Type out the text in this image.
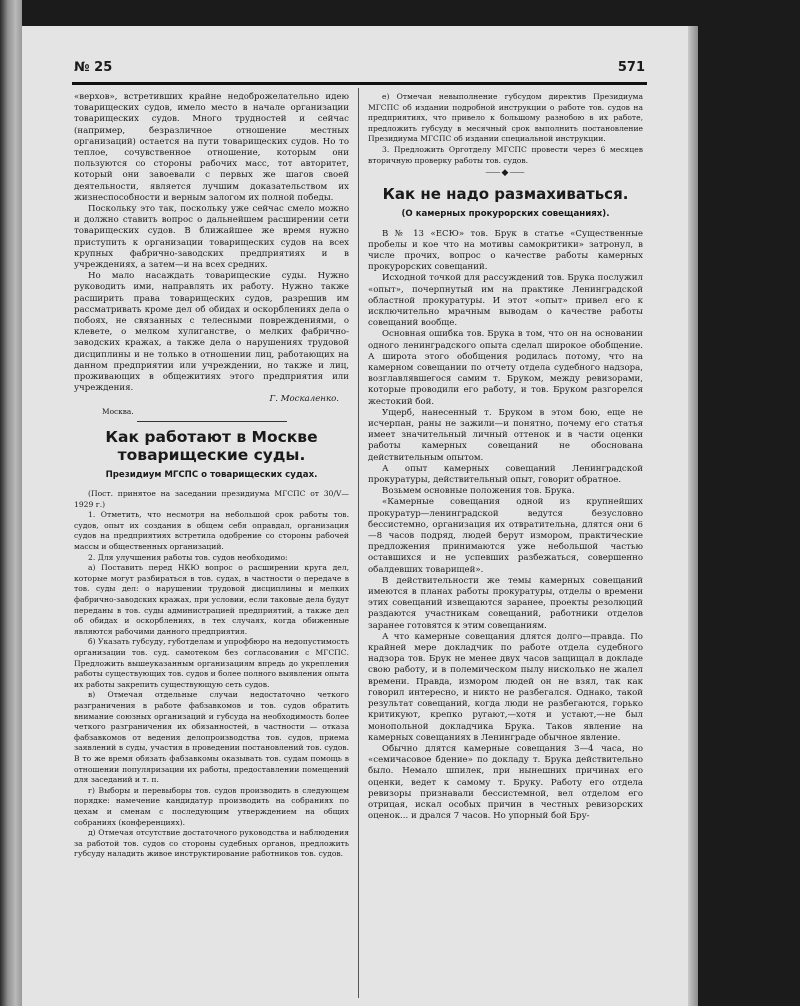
№ 25	571

«верхов», встретивших крайне недоброжелательно идею товарищеских судов, имело место в начале организации товарищеских судов. Много трудностей и сейчас (например, безразличное отношение местных организаций) остается на пути товарищеских судов. Но то теплое, сочувственное отношение, которым они пользуются со стороны рабочих масс, тот авторитет, который они завоевали с первых же шагов своей деятельности, является лучшим доказательством их жизнеспособности и верным залогом их полной победы.

Поскольку это так, поскольку уже сейчас смело можно и должно ставить вопрос о дальнейшем расширении сети товарищеских судов. В ближайшее же время нужно приступить к организации товарищеских судов на всех крупных фабрично-заводских предприятиях и в учреждениях, а затем—и на всех средних.

Но мало насаждать товарищеские суды. Нужно руководить ими, направлять их работу. Нужно также расширить права товарищеских судов, разрешив им рассматривать кроме дел об обидах и оскорблениях дела о побоях, не связанных с телесными повреждениями, о клевете, о мелком хулиганстве, о мелких фабрично-заводских кражах, а также дела о нарушениях трудовой дисциплины и не только в отношении лиц, работающих на данном предприятии или учреждении, но также и лиц, проживающих в общежитиях этого предприятия или учреждения.

Г. Москаленко.

Москва.

Как работают в Москве товарищеские суды.
Президиум МГСПС о товарищеских судах.

(Пост. принятое на заседании президиума МГСПС от 30/V—1929 г.)

1. Отметить, что несмотря на небольшой срок работы тов. судов, опыт их создания в общем себя оправдал, организация судов на предприятиях встретила одобрение со стороны рабочей массы и общественных организаций.

2. Для улучшения работы тов. судов необходимо:

а) Поставить перед НКЮ вопрос о расширении круга дел, которые могут разбираться в тов. судах, в частности о передаче в тов. суды дел: о нарушении трудовой дисциплины и мелких фабрично-заводских кражах, при условии, если таковые дела будут переданы в тов. суды администрацией предприятий, а также дел об обидах и оскорблениях, в тех случаях, когда обиженные являются рабочими данного предприятия.

б) Указать губсуду, губотделам и упрофбюро на недопустимость организации тов. суд. самотеком без согласования с МГСПС. Предложить вышеуказанным организациям впредь до укрепления работы существующих тов. судов и более полного выявления опыта их работы закрепить существующую сеть судов.

в) Отмечая отдельные случаи недостаточно четкого разграничения в работе фабзавкомов и тов. судов обратить внимание союзных организаций и губсуда на необходимость более четкого разграничения их обязанностей, в частности — отказа фабзавкомов от ведения делопроизводства тов. судов, приема заявлений в суды, участия в проведении постановлений тов. судов. В то же время обязать фабзавкомы оказывать тов. судам помощь в отношении популяризации их работы, предоставлении помещений для заседаний и т. п.

г) Выборы и перевыборы тов. судов производить в следующем порядке: намечение кандидатур производить на собраниях по цехам и сменам с последующим утверждением на общих собраниях (конференциях).

д) Отмечая отсутствие достаточного руководства и наблюдения за работой тов. судов со стороны судебных органов, предложить губсуду наладить живое инструктирование работников тов. судов.

е) Отмечая невыполнение губсудом директив Президиума МГСПС об издании подробной инструкции о работе тов. судов на предприятиях, что привело к большому разнобою в их работе, предложить губсуду в месячный срок выполнить постановление Президиума МГСПС об издании специальной инструкции.

3. Предложить Орготделу МГСПС провести через 6 месяцев вторичную проверку работы тов. судов.

⸺◆⸺
Как не надо размахиваться.
(О камерных прокурорских совещаниях).

В № 13 «ЕСЮ» тов. Брук в статье «Существенные пробелы и кое что на мотивы самокритики» затронул, в числе прочих, вопрос о качестве работы камерных прокурорских совещаний.

Исходной точкой для рассуждений тов. Брука послужил «опыт», почерпнутый им на практике Ленинградской областной прокуратуры. И этот «опыт» привел его к исключительно мрачным выводам о качестве работы совещаний вообще.

Основная ошибка тов. Брука в том, что он на основании одного ленинградского опыта сделал широкое обобщение. А широта этого обобщения родилась потому, что на камерном совещании по отчету отдела судебного надзора, возглавлявшегося самим т. Бруком, между ревизорами, которые проводили его работу, и тов. Бруком разгорелся жестокий бой.

Ущерб, нанесенный т. Бруком в этом бою, еще не исчерпан, раны не зажили—и понятно, почему его статья имеет значительный личный оттенок и в части оценки работы камерных совещаний не обоснована действительным опытом.

А опыт камерных совещаний Ленинградской прокуратуры, действительный опыт, говорит обратное.

Возьмем основные положения тов. Брука.

«Камерные совещания одной из крупнейших прокуратур—ленинградской ведутся безусловно бессистемно, организация их отвратительна, длятся они 6—8 часов подряд, людей берут измором, практические предложения принимаются уже небольшой частью оставшихся и не успевших разбежаться, совершенно обалдевших товарищей».

В действительности же темы камерных совещаний имеются в планах работы прокуратуры, отделы о времени этих совещаний извещаются заранее, проекты резолюций раздаются участникам совещаний, работники отделов заранее готовятся к этим совещаниям.

А что камерные совещания длятся долго—правда. По крайней мере докладчик по работе отдела судебного надзора тов. Брук не менее двух часов защищал в докладе свою работу, и в полемическом пылу нисколько не жалел времени. Правда, измором людей он не взял, так как говорил интересно, и никто не разбегался. Однако, такой результат совещаний, когда люди не разбегаются, горько критикуют, крепко ругают,—хотя и устают,—не был монопольной докладчика Брука. Таков явление на камерных совещаниях в Ленинграде обычное явление.

Обычно длятся камерные совещания 3—4 часа, но «семичасовое бдение» по докладу т. Брука действительно было. Немало шпилек, при нынешних причинах его оценки, ведет к самому т. Бруку. Работу его отдела ревизоры признавали бессистемной, вел отделом его отрицая, искал особых причин в честных ревизорских оценок... и дрался 7 часов. Но упорный бой Бру-
